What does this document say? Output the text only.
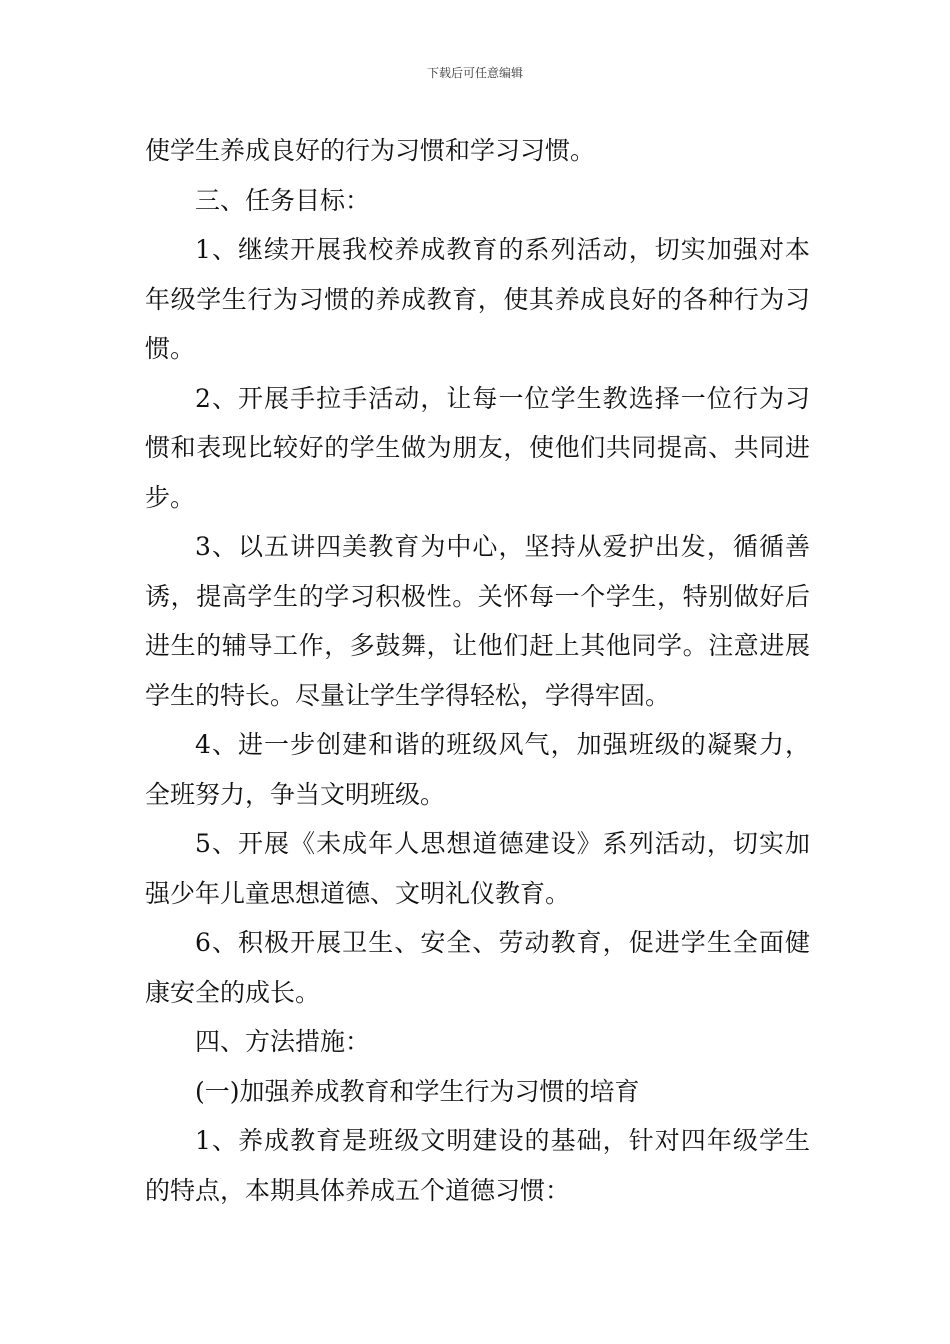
下载后可任意编辑

使学生养成良好的行为习惯和学习习惯。

三、任务目标：

1、继续开展我校养成教育的系列活动，切实加强对本年级学生行为习惯的养成教育，使其养成良好的各种行为习惯。

2、开展手拉手活动，让每一位学生教选择一位行为习惯和表现比较好的学生做为朋友，使他们共同提高、共同进步。

3、以五讲四美教育为中心，坚持从爱护出发，循循善诱，提高学生的学习积极性。关怀每一个学生，特别做好后进生的辅导工作，多鼓舞，让他们赶上其他同学。注意进展学生的特长。尽量让学生学得轻松，学得牢固。

4、进一步创建和谐的班级风气，加强班级的凝聚力，全班努力，争当文明班级。

5、开展《未成年人思想道德建设》系列活动，切实加强少年儿童思想道德、文明礼仪教育。

6、积极开展卫生、安全、劳动教育，促进学生全面健康安全的成长。

四、方法措施：

(一)加强养成教育和学生行为习惯的培育

1、养成教育是班级文明建设的基础，针对四年级学生的特点，本期具体养成五个道德习惯：
